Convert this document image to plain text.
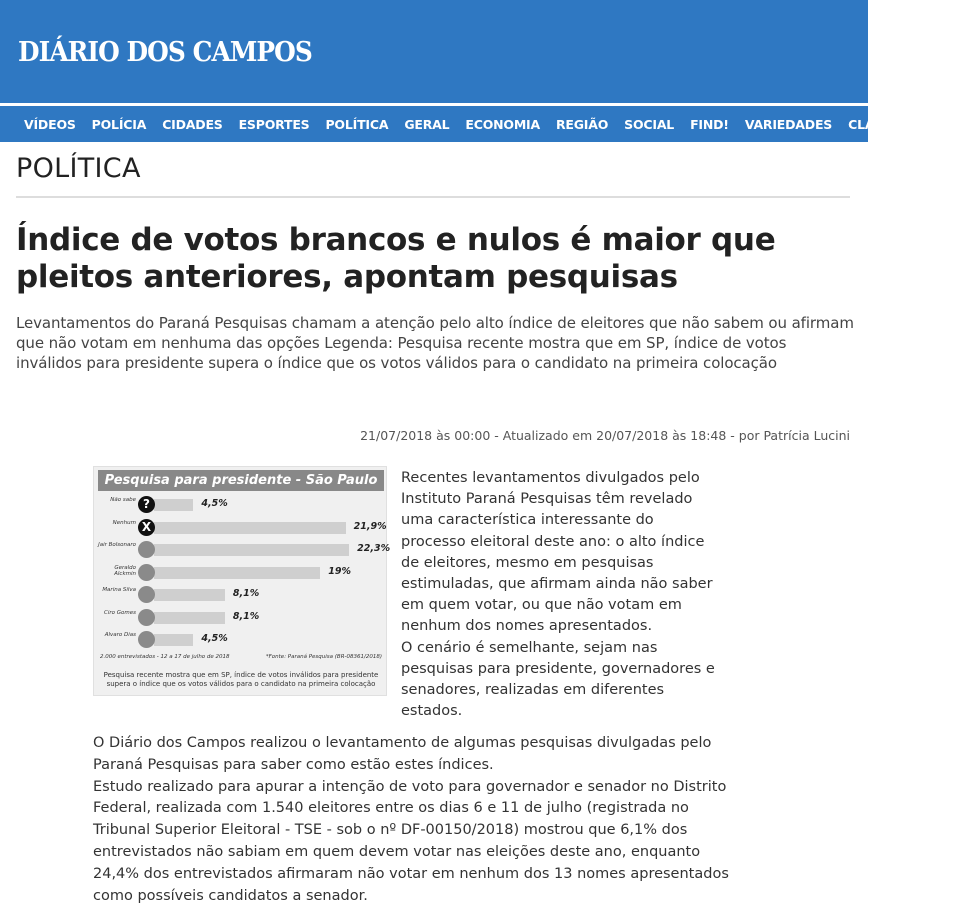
DIÁRIO DOS CAMPOS
VÍDEOS	POLÍCIA	CIDADES	ESPORTES	POLÍTICA	GERAL	ECONOMIA	REGIÃO	SOCIAL	FIND!	VARIEDADES	CLASSIFICADOS
POLÍTICA
Índice de votos brancos e nulos é maior que pleitos anteriores, apontam pesquisas

Levantamentos do Paraná Pesquisas chamam a atenção pelo alto índice de eleitores que não sabem ou afirmam que não votam em nenhuma das opções Legenda: Pesquisa recente mostra que em SP, índice de votos inválidos para presidente supera o índice que os votos válidos para o candidato na primeira colocação

21/07/2018 às 00:00 - Atualizado em 20/07/2018 às 18:48 - por Patrícia Lucini
Pesquisa para presidente - São Paulo
Não sabe ?	4,5%
Nenhum X	21,9%
Jair Bolsonaro	22,3%
Geraldo Alckmin	19%
Marina Silva	8,1%
Ciro Gomes	8,1%
Alvaro Dias	4,5%
2.000 entrevistados - 12 a 17 de julho de 2018	*Fonte: Paraná Pesquisa (BR-08361/2018)
Pesquisa recente mostra que em SP, índice de votos inválidos para presidente supera o índice que os votos válidos para o candidato na primeira colocação
Recentes levantamentos divulgados pelo Instituto Paraná Pesquisas têm revelado uma característica interessante do processo eleitoral deste ano: o alto índice de eleitores, mesmo em pesquisas estimuladas, que afirmam ainda não saber em quem votar, ou que não votam em nenhum dos nomes apresentados.
O cenário é semelhante, sejam nas pesquisas para presidente, governadores e senadores, realizadas em diferentes estados.
O Diário dos Campos realizou o levantamento de algumas pesquisas divulgadas pelo Paraná Pesquisas para saber como estão estes índices.
Estudo realizado para apurar a intenção de voto para governador e senador no Distrito Federal, realizada com 1.540 eleitores entre os dias 6 e 11 de julho (registrada no Tribunal Superior Eleitoral - TSE - sob o nº DF-00150/2018) mostrou que 6,1% dos entrevistados não sabiam em quem devem votar nas eleições deste ano, enquanto 24,4% dos entrevistados afirmaram não votar em nenhum dos 13 nomes apresentados como possíveis candidatos a senador.
